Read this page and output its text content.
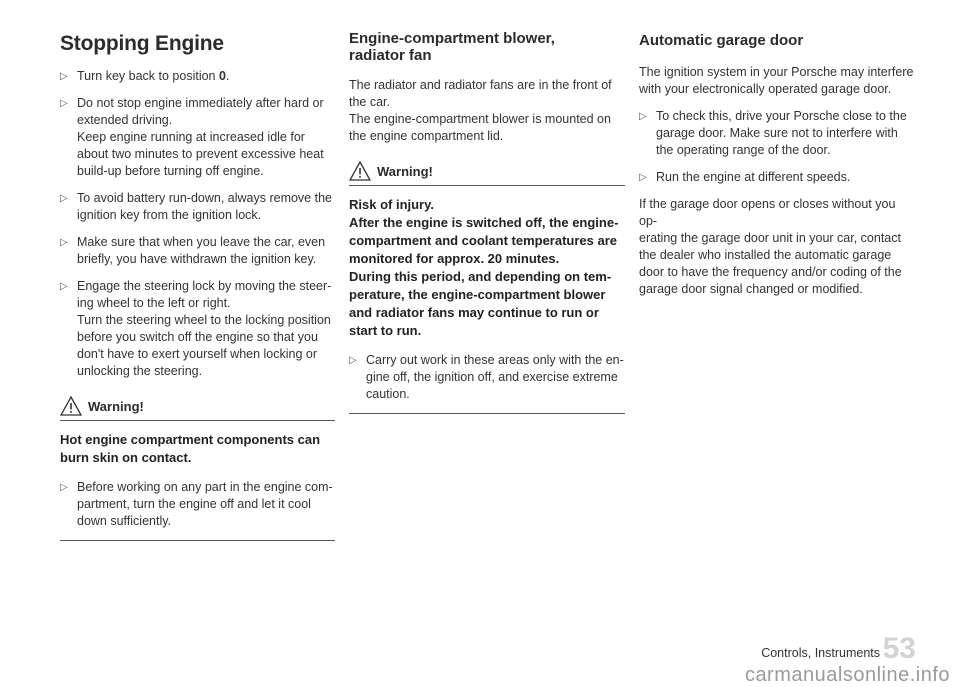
Stopping Engine
▷ Turn key back to position 0.
▷ Do not stop engine immediately after hard or
extended driving.
Keep engine running at increased idle for
about two minutes to prevent excessive heat
build-up before turning off engine.
▷ To avoid battery run-down, always remove the
ignition key from the ignition lock.
▷ Make sure that when you leave the car, even
briefly, you have withdrawn the ignition key.
▷ Engage the steering lock by moving the steer-
ing wheel to the left or right.
Turn the steering wheel to the locking position
before you switch off the engine so that you
don't have to exert yourself when locking or
unlocking the steering.
Warning!
Hot engine compartment components can
burn skin on contact.
▷ Before working on any part in the engine com-
partment, turn the engine off and let it cool
down sufficiently.
Engine-compartment blower,
radiator fan
The radiator and radiator fans are in the front of
the car.
The engine-compartment blower is mounted on
the engine compartment lid.
Warning!
Risk of injury.
After the engine is switched off, the engine-
compartment and coolant temperatures are
monitored for approx. 20 minutes.
During this period, and depending on tem-
perature, the engine-compartment blower
and radiator fans may continue to run or
start to run.
▷ Carry out work in these areas only with the en-
gine off, the ignition off, and exercise extreme
caution.
Automatic garage door
The ignition system in your Porsche may interfere
with your electronically operated garage door.
▷ To check this, drive your Porsche close to the
garage door. Make sure not to interfere with
the operating range of the door.
▷ Run the engine at different speeds.
If the garage door opens or closes without you op-
erating the garage door unit in your car, contact
the dealer who installed the automatic garage
door to have the frequency and/or coding of the
garage door signal changed or modified.
Controls, Instruments 53
carmanualsonline.info
